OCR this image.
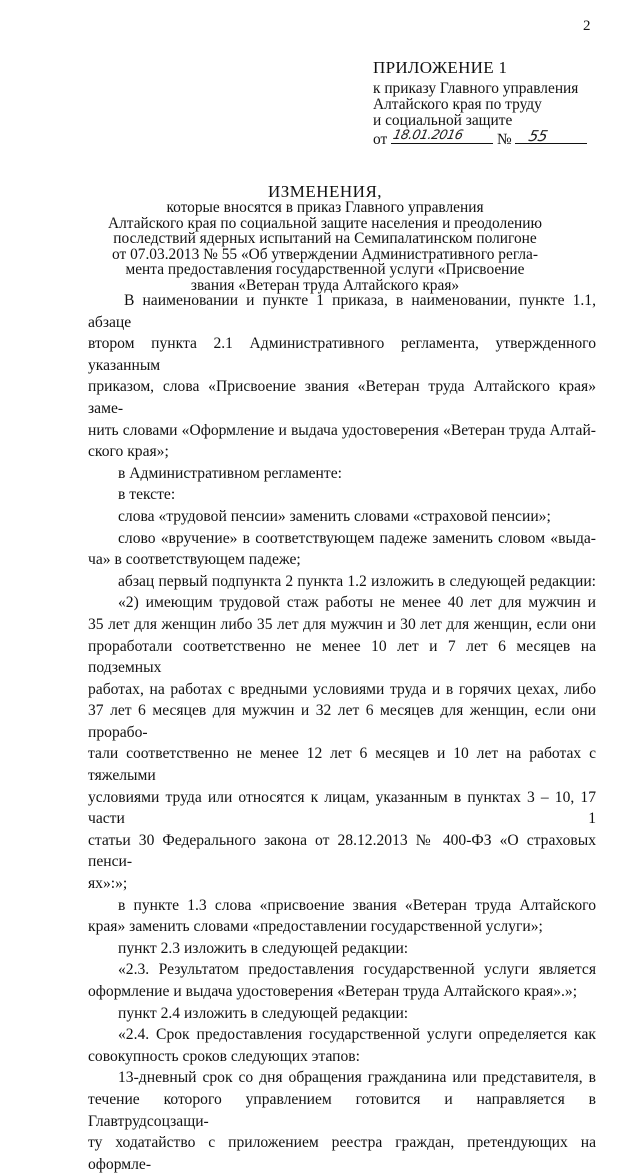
2
ПРИЛОЖЕНИЕ 1
к приказу Главного управления
Алтайского края по труду
и социальной защите
от 18.01.2016 № 55
ИЗМЕНЕНИЯ,
которые вносятся в приказ Главного управления
Алтайского края по социальной защите населения и преодолению
последствий ядерных испытаний на Семипалатинском полигоне
от 07.03.2013 № 55 «Об утверждении Административного регла-
мента предоставления государственной услуги «Присвоение
звания «Ветеран труда Алтайского края»

В наименовании и пункте 1 приказа, в наименовании, пункте 1.1, абзаце

втором пункта 2.1 Административного регламента, утвержденного указанным

приказом, слова «Присвоение звания «Ветеран труда Алтайского края» заме-

нить словами «Оформление и выдача удостоверения «Ветеран труда Алтай-

ского края»;

в Административном регламенте:

в тексте:

слова «трудовой пенсии» заменить словами «страховой пенсии»;

слово «вручение» в соответствующем падеже заменить словом «выда-

ча» в соответствующем падеже;

абзац первый подпункта 2 пункта 1.2 изложить в следующей редакции:

«2) имеющим трудовой стаж работы не менее 40 лет для мужчин и

35 лет для женщин либо 35 лет для мужчин и 30 лет для женщин, если они

проработали соответственно не менее 10 лет и 7 лет 6 месяцев на подземных

работах, на работах с вредными условиями труда и в горячих цехах, либо

37 лет 6 месяцев для мужчин и 32 лет 6 месяцев для женщин, если они прорабо-

тали соответственно не менее 12 лет 6 месяцев и 10 лет на работах с тяжелыми

условиями труда или относятся к лицам, указанным в пунктах 3 – 10, 17 части 1

статьи 30 Федерального закона от 28.12.2013 № 400-ФЗ «О страховых пенси-

ях»:»;

в пункте 1.3 слова «присвоение звания «Ветеран труда Алтайского

края» заменить словами «предоставлении государственной услуги»;

пункт 2.3 изложить в следующей редакции:

«2.3. Результатом предоставления государственной услуги является

оформление и выдача удостоверения «Ветеран труда Алтайского края».»;

пункт 2.4 изложить в следующей редакции:

«2.4. Срок предоставления государственной услуги определяется как

совокупность сроков следующих этапов:

13-дневный срок со дня обращения гражданина или представителя, в

течение которого управлением готовится и направляется в Главтрудсоцзащи-

ту ходатайство с приложением реестра граждан, претендующих на оформле-
